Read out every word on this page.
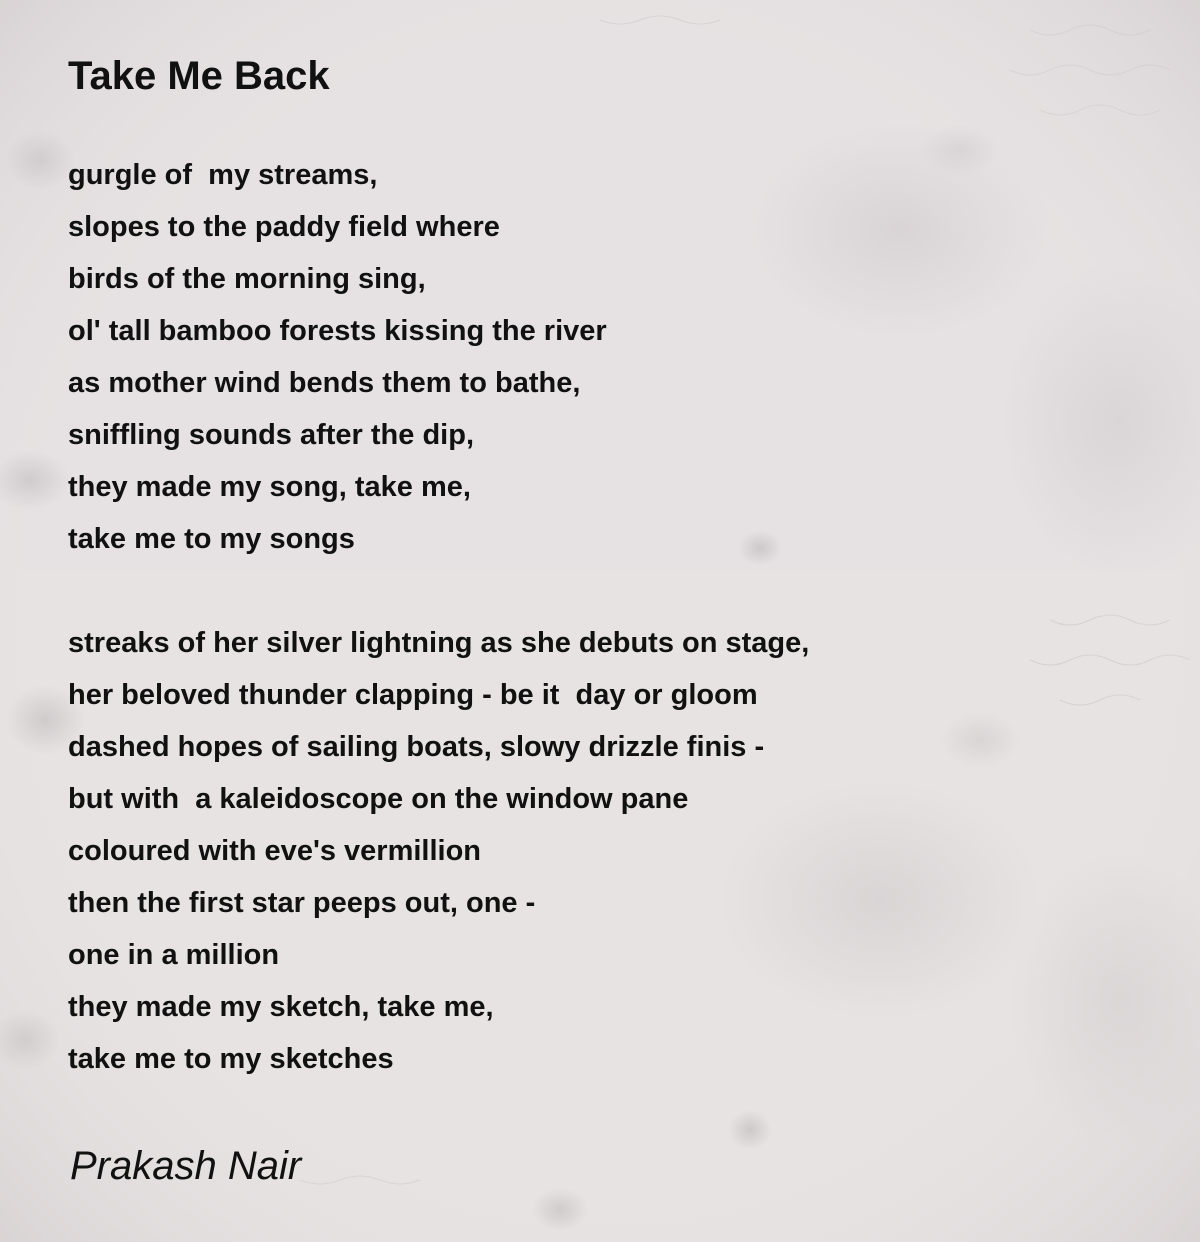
Take Me Back
gurgle of  my streams,
slopes to the paddy field where
birds of the morning sing,
ol' tall bamboo forests kissing the river
as mother wind bends them to bathe,
sniffling sounds after the dip,
they made my song, take me,
take me to my songs
streaks of her silver lightning as she debuts on stage,
her beloved thunder clapping - be it  day or gloom
dashed hopes of sailing boats, slowy drizzle finis -
but with  a kaleidoscope on the window pane
coloured with eve's vermillion
then the first star peeps out, one -
one in a million
they made my sketch, take me,
take me to my sketches

Prakash Nair
